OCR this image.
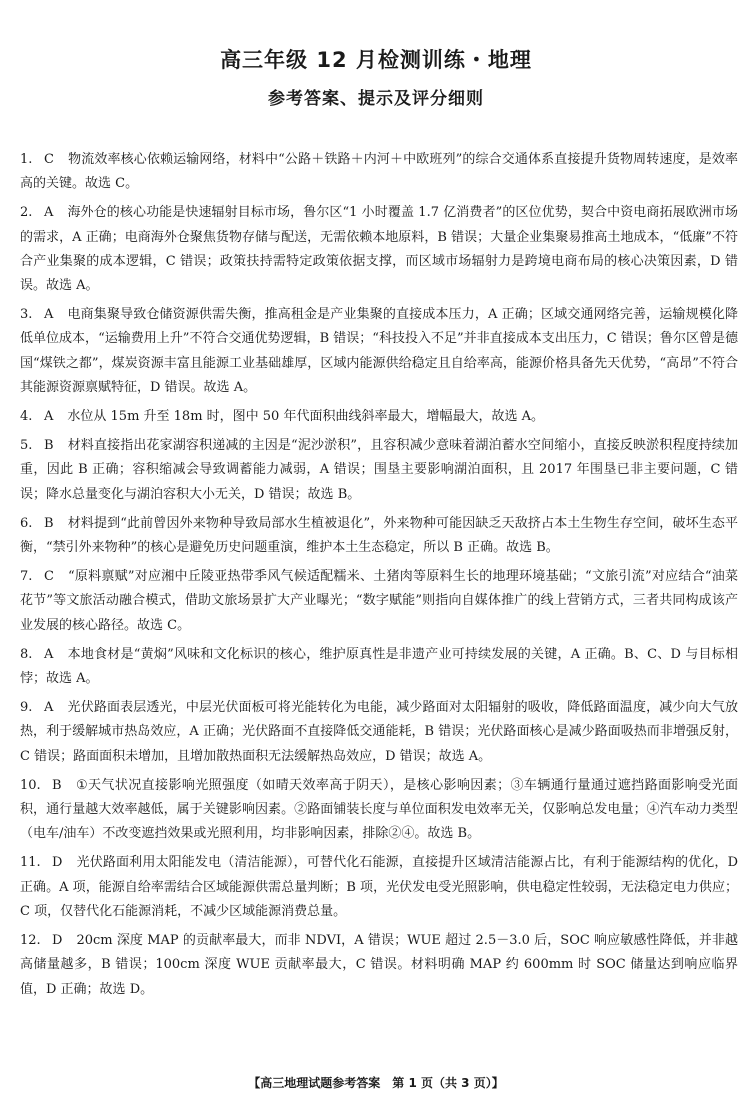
高三年级 12 月检测训练・地理
参考答案、提示及评分细则

1. C 物流效率核心依赖运输网络，材料中“公路＋铁路＋内河＋中欧班列”的综合交通体系直接提升货物周转速度，是效率高的关键。故选 C。

2. A 海外仓的核心功能是快速辐射目标市场，鲁尔区“1 小时覆盖 1.7 亿消费者”的区位优势，契合中资电商拓展欧洲市场的需求，A 正确；电商海外仓聚焦货物存储与配送，无需依赖本地原料，B 错误；大量企业集聚易推高土地成本，“低廉”不符合产业集聚的成本逻辑，C 错误；政策扶持需特定政策依据支撑，而区域市场辐射力是跨境电商布局的核心决策因素，D 错误。故选 A。

3. A 电商集聚导致仓储资源供需失衡，推高租金是产业集聚的直接成本压力，A 正确；区域交通网络完善，运输规模化降低单位成本，“运输费用上升”不符合交通优势逻辑，B 错误；“科技投入不足”并非直接成本支出压力，C 错误；鲁尔区曾是德国“煤铁之都”，煤炭资源丰富且能源工业基础雄厚，区域内能源供给稳定且自给率高，能源价格具备先天优势，“高昂”不符合其能源资源禀赋特征，D 错误。故选 A。

4. A 水位从 15m 升至 18m 时，图中 50 年代面积曲线斜率最大，增幅最大，故选 A。

5. B 材料直接指出花家湖容积递减的主因是“泥沙淤积”，且容积减少意味着湖泊蓄水空间缩小，直接反映淤积程度持续加重，因此 B 正确；容积缩减会导致调蓄能力减弱，A 错误；围垦主要影响湖泊面积，且 2017 年围垦已非主要问题，C 错误；降水总量变化与湖泊容积大小无关，D 错误；故选 B。

6. B 材料提到“此前曾因外来物种导致局部水生植被退化”，外来物种可能因缺乏天敌挤占本土生物生存空间，破坏生态平衡，“禁引外来物种”的核心是避免历史问题重演，维护本土生态稳定，所以 B 正确。故选 B。

7. C “原料禀赋”对应湘中丘陵亚热带季风气候适配糯米、土猪肉等原料生长的地理环境基础；“文旅引流”对应结合“油菜花节”等文旅活动融合模式，借助文旅场景扩大产业曝光；“数字赋能”则指向自媒体推广的线上营销方式，三者共同构成该产业发展的核心路径。故选 C。

8. A 本地食材是“黄焖”风味和文化标识的核心，维护原真性是非遗产业可持续发展的关键，A 正确。B、C、D 与目标相悖；故选 A。

9. A 光伏路面表层透光，中层光伏面板可将光能转化为电能，减少路面对太阳辐射的吸收，降低路面温度，减少向大气放热，利于缓解城市热岛效应，A 正确；光伏路面不直接降低交通能耗，B 错误；光伏路面核心是减少路面吸热而非增强反射，C 错误；路面面积未增加，且增加散热面积无法缓解热岛效应，D 错误；故选 A。

10. B ①天气状况直接影响光照强度（如晴天效率高于阴天），是核心影响因素；③车辆通行量通过遮挡路面影响受光面积，通行量越大效率越低，属于关键影响因素。②路面铺装长度与单位面积发电效率无关，仅影响总发电量；④汽车动力类型（电车/油车）不改变遮挡效果或光照利用，均非影响因素，排除②④。故选 B。

11. D 光伏路面利用太阳能发电（清洁能源），可替代化石能源，直接提升区域清洁能源占比，有利于能源结构的优化，D 正确。A 项，能源自给率需结合区域能源供需总量判断；B 项，光伏发电受光照影响，供电稳定性较弱，无法稳定电力供应；C 项，仅替代化石能源消耗，不减少区域能源消费总量。

12. D 20cm 深度 MAP 的贡献率最大，而非 NDVI，A 错误；WUE 超过 2.5－3.0 后，SOC 响应敏感性降低，并非越高储量越多，B 错误；100cm 深度 WUE 贡献率最大，C 错误。材料明确 MAP 约 600mm 时 SOC 储量达到响应临界值，D 正确；故选 D。

【高三地理试题参考答案　第 1 页（共 3 页）】
